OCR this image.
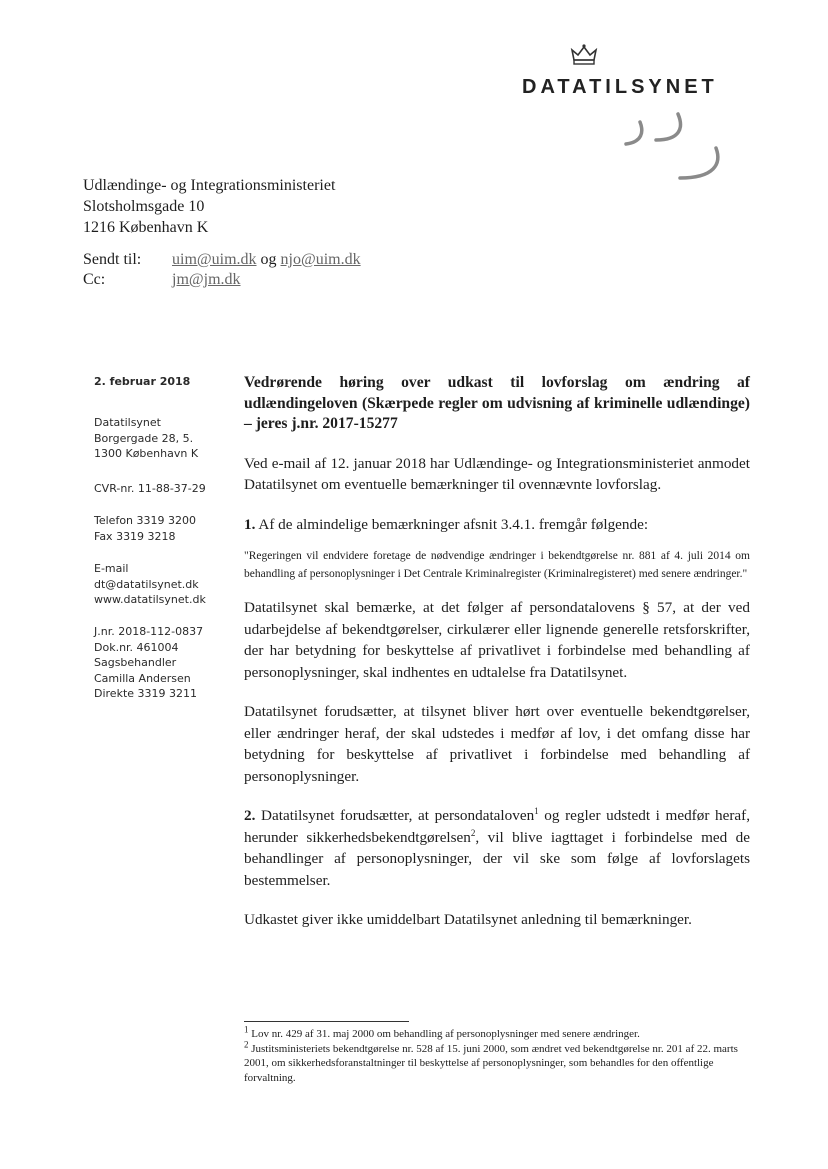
DATATILSYNET
Udlændinge- og Integrationsministeriet
Slotsholmsgade 10
1216 København K
Sendt til: uim@uim.dk og njo@uim.dk
Cc:	jm@jm.dk
2. februar 2018
Datatilsynet
Borgergade 28, 5.
1300 København K
CVR-nr. 11-88-37-29
Telefon 3319 3200
Fax 3319 3218
E-mail
dt@datatilsynet.dk
www.datatilsynet.dk
J.nr. 2018-112-0837
Dok.nr. 461004
Sagsbehandler
Camilla Andersen
Direkte 3319 3211
Vedrørende høring over udkast til lovforslag om ændring af udlændingeloven (Skærpede regler om udvisning af kriminelle udlændinge) – jeres j.nr. 2017-15277
Ved e-mail af 12. januar 2018 har Udlændinge- og Integrationsministeriet anmodet Datatilsynet om eventuelle bemærkninger til ovennævnte lovforslag.
1. Af de almindelige bemærkninger afsnit 3.4.1. fremgår følgende:
"Regeringen vil endvidere foretage de nødvendige ændringer i bekendtgørelse nr. 881 af 4. juli 2014 om behandling af personoplysninger i Det Centrale Kriminalregister (Kriminalregisteret) med senere ændringer."
Datatilsynet skal bemærke, at det følger af persondatalovens § 57, at der ved udarbejdelse af bekendtgørelser, cirkulærer eller lignende generelle retsforskrifter, der har betydning for beskyttelse af privatlivet i forbindelse med behandling af personoplysninger, skal indhentes en udtalelse fra Datatilsynet.
Datatilsynet forudsætter, at tilsynet bliver hørt over eventuelle bekendtgørelser, eller ændringer heraf, der skal udstedes i medfør af lov, i det omfang disse har betydning for beskyttelse af privatlivet i forbindelse med behandling af personoplysninger.
2. Datatilsynet forudsætter, at persondataloven$^1$ og regler udstedt i medfør heraf, herunder sikkerhedsbekendtgørelsen$^2$, vil blive iagttaget i forbindelse med de behandlinger af personoplysninger, der vil ske som følge af lovforslagets bestemmelser.
Udkastet giver ikke umiddelbart Datatilsynet anledning til bemærkninger.
$^1$ Lov nr. 429 af 31. maj 2000 om behandling af personoplysninger med senere ændringer.
$^2$ Justitsministeriets bekendtgørelse nr. 528 af 15. juni 2000, som ændret ved bekendtgørelse nr. 201 af 22. marts 2001, om sikkerhedsforanstaltninger til beskyttelse af personoplysninger, som behandles for den offentlige forvaltning.
